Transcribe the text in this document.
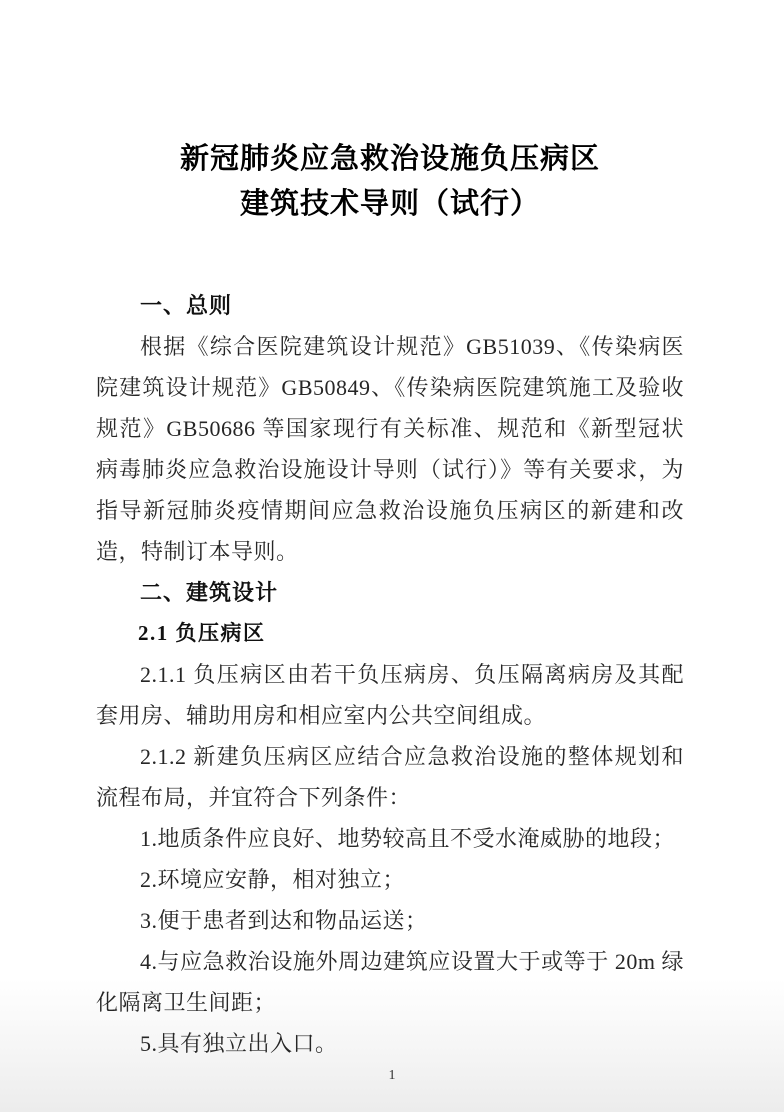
新冠肺炎应急救治设施负压病区
建筑技术导则（试行）

一、总则

根据《综合医院建筑设计规范》GB51039、《传染病医院建筑设计规范》GB50849、《传染病医院建筑施工及验收规范》GB50686 等国家现行有关标准、规范和《新型冠状病毒肺炎应急救治设施设计导则（试行）》等有关要求，为指导新冠肺炎疫情期间应急救治设施负压病区的新建和改造，特制订本导则。

二、建筑设计

2.1 负压病区

2.1.1 负压病区由若干负压病房、负压隔离病房及其配套用房、辅助用房和相应室内公共空间组成。

2.1.2 新建负压病区应结合应急救治设施的整体规划和流程布局，并宜符合下列条件：

1.地质条件应良好、地势较高且不受水淹威胁的地段；

2.环境应安静，相对独立；

3.便于患者到达和物品运送；

4.与应急救治设施外周边建筑应设置大于或等于 20m 绿化隔离卫生间距；

5.具有独立出入口。

1
